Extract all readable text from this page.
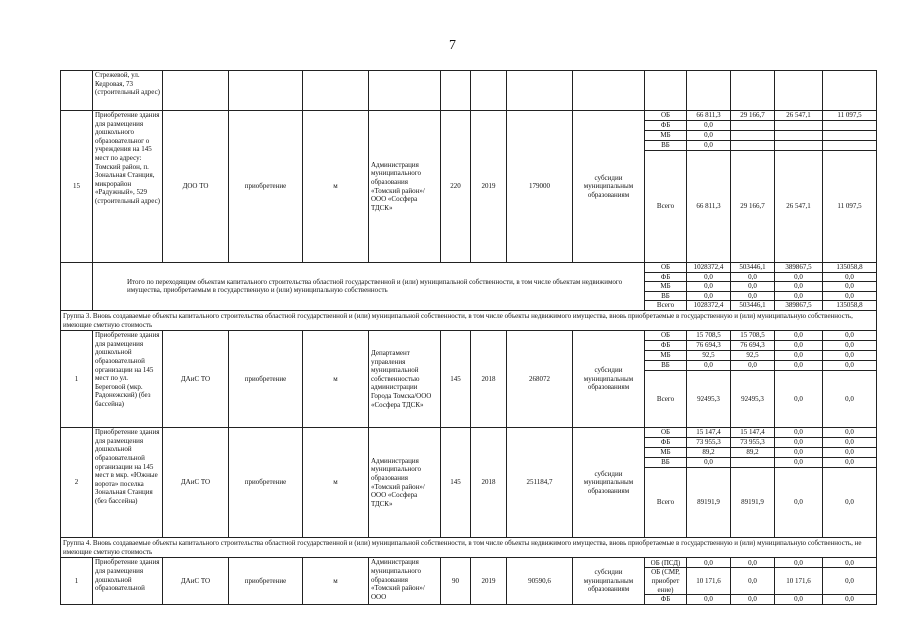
7
	Стрежевой, ул. Кедровая, 73 (строительный адрес)													
15	Приобретение здания для размещения дошкольного образовательног о учреждения на 145 мест по адресу: Томский район, п. Зональная Станция, микрорайон «Радужный», 529 (строительный адрес)	ДОО ТО	приобретение	м	Администрация муниципального образования «Томский район»/ООО «Сосфера ТДСК»	220	2019	179000	субсидии муниципальным образованиям	ОБ	66 811,3	29 166,7	26 547,1	11 097,5
										ФБ	0,0			
										МБ	0,0			
										ВБ	0,0			
										Всего	66 811,3	29 166,7	26 547,1	11 097,5
	Итого по переходящим объектам капитального строительства областной государственной и (или) муниципальной собственности, в том числе объектам недвижимого имущества, приобретаемым в государственную и (или) муниципальную собственность									ОБ	1028372,4	503446,1	389867,5	135058,8
										ФБ	0,0	0,0	0,0	0,0
										МБ	0,0	0,0	0,0	0,0
										ВБ	0,0	0,0	0,0	0,0
										Всего	1028372,4	503446,1	389867,5	135058,8
Группа 3. Вновь создаваемые объекты капитального строительства областной государственной и (или) муниципальной собственности, в том числе объекты недвижимого имущества, вновь приобретаемые в государственную и (или) муниципальную собственность, имеющие сметную стоимость														
1	Приобретение здания для размещения дошкольной образовательной организации на 145 мест по ул. Береговой (мкр. Радонежский) (без бассейна)	ДАиС ТО	приобретение	м	Департамент управления муниципальной собственностью администрации Города Томска/ООО «Сосфера ТДСК»	145	2018	268072	субсидии муниципальным образованиям	ОБ	15 708,5	15 708,5	0,0	0,0
										ФБ	76 694,3	76 694,3	0,0	0,0
										МБ	92,5	92,5	0,0	0,0
										ВБ	0,0	0,0	0,0	0,0
										Всего	92495,3	92495,3	0,0	0,0
2	Приобретение здания для размещения дошкольной образовательной организации на 145 мест в мкр. «Южные ворота» поселка Зональная Станция (без бассейна)	ДАиС ТО	приобретение	м	Администрация муниципального образования «Томский район»/ООО «Сосфера ТДСК»	145	2018	251184,7	субсидии муниципальным образованиям	ОБ	15 147,4	15 147,4	0,0	0,0
										ФБ	73 955,3	73 955,3	0,0	0,0
										МБ	89,2	89,2	0,0	0,0
										ВБ	0,0		0,0	0,0
										Всего	89191,9	89191,9	0,0	0,0
Группа 4. Вновь создаваемые объекты капитального строительства областной государственной и (или) муниципальной собственности, в том числе объекты недвижимого имущества, вновь приобретаемые в государственную и (или) муниципальную собственность, не имеющие сметную стоимость														
1	Приобретение здания для размещения дошкольной образовательной	ДАиС ТО	приобретение	м	Администрация муниципального образования «Томский район»/ООО	90	2019	90590,6	субсидии муниципальным образованиям	ОБ (ПСД)	0,0	0,0	0,0	0,0
										ОБ (СМР, приобрет ение)	10 171,6	0,0	10 171,6	0,0
										ФБ	0,0	0,0	0,0	0,0
